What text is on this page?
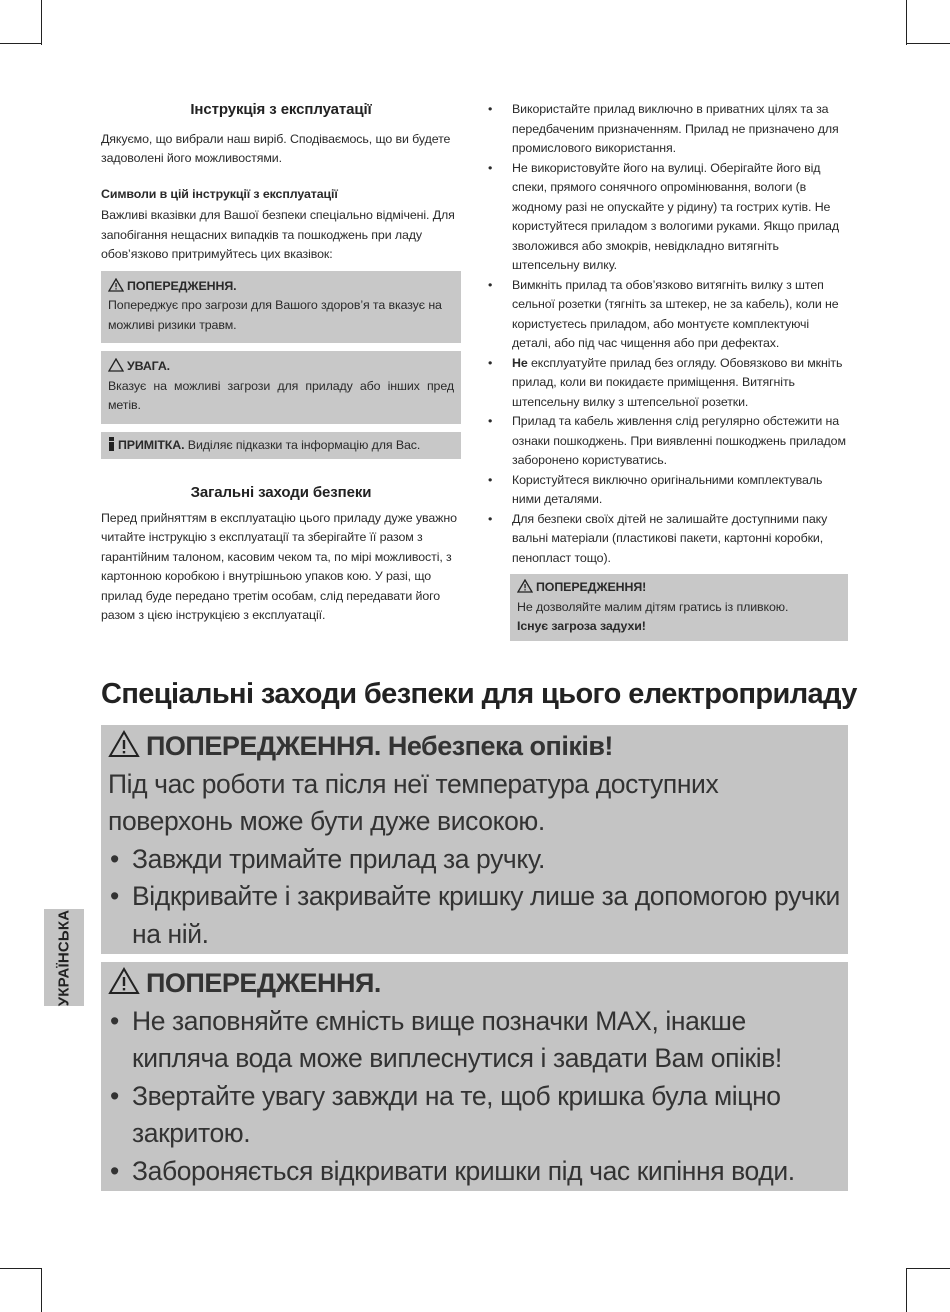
Інструкція з експлуатації
Дякуємо, що вибрали наш виріб. Сподіваємось, що ви будете задоволені його можливостями.
Символи в цій інструкції з експлуатації
Важливі вказівки для Вашої безпеки спеціально відмічені. Для запобігання нещасних випадків та пошкоджень при ладу обов’язково притримуйтесь цих вказівок:
ПОПЕРЕДЖЕННЯ.
Попереджує про загрози для Вашого здоров’я та вказує на можливі ризики травм.
УВАГА.
Вказує на можливі загрози для приладу або інших пред метів.
ПРИМІТКА. Виділяє підказки та інформацію для Вас.
Загальні заходи безпеки
Перед прийняттям в експлуатацію цього приладу дуже уважно читайте інструкцію з експлуатації та зберігайте її разом з гарантійним талоном, касовим чеком та, по мірі можливості, з картонною коробкою і внутрішньою упаков кою. У разі, що прилад буде передано третім особам, слід передавати його разом з цією інструкцією з експлуатації.
• Використайте прилад виключно в приватних цілях та за передбаченим призначенням. Прилад не призначено для промислового використання.
• Не використовуйте його на вулиці. Оберігайте його від спеки, прямого сонячного опромінювання, вологи (в жодному разі не опускайте у рідину) та гострих кутів. Не користуйтеся приладом з вологими руками. Якщо прилад зволожився або змокрів, невідкладно витягніть штепсельну вилку.
• Вимкніть прилад та обов’язково витягніть вилку з штеп сельної розетки (тягніть за штекер, не за кабель), коли не користуєтесь приладом, або монтуєте комплектуючі деталі, або під час чищення або при дефектах.
• Не експлуатуйте прилад без огляду. Обовязково ви мкніть прилад, коли ви покидаєте приміщення. Витягніть штепсельну вилку з штепсельної розетки.
• Прилад та кабель живлення слід регулярно обстежити на ознаки пошкоджень. При виявленні пошкоджень приладом заборонено користуватись.
• Користуйтеся виключно оригінальними комплектуваль ними деталями.
• Для безпеки своїх дітей не залишайте доступними паку вальні матеріали (пластикові пакети, картонні коробки, пенопласт тощо).
ПОПЕРЕДЖЕННЯ!
Не дозволяйте малим дітям гратись із пливкою.
Існує загроза задухи!
Спеціальні заходи безпеки для цього електроприладу
ПОПЕРЕДЖЕННЯ. Небезпека опіків!
Під час роботи та після неї температура доступних поверхонь може бути дуже високою.
• Завжди тримайте прилад за ручку.
• Відкривайте і закривайте кришку лише за допомогою ручки на ній.
ПОПЕРЕДЖЕННЯ.
• Не заповняйте ємність вище позначки MAX, інакше кипляча вода може виплеснутися і завдати Вам опіків!
• Звертайте увагу завжди на те, щоб кришка була міцно закритою.
• Забороняється відкривати кришки під час кипіння води.
УКРАЇНСЬКА
